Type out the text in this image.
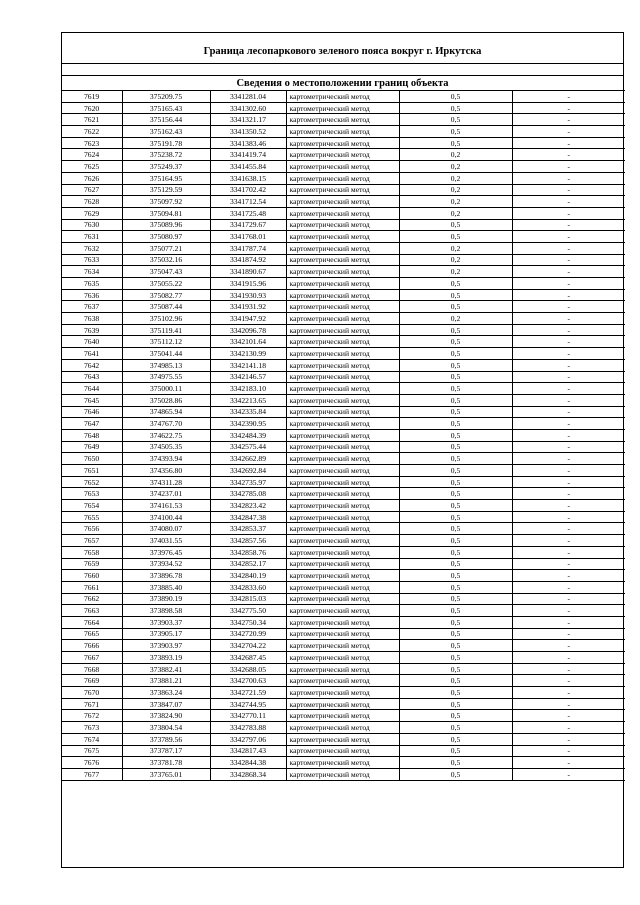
Граница лесопаркового зеленого пояса вокруг г. Иркутска
Сведения о местоположении границ объекта
7619	375209.75	3341281.04	картометрический метод	0,5	-
7620	375165.43	3341302.60	картометрический метод	0,5	-
7621	375156.44	3341321.17	картометрический метод	0,5	-
7622	375162.43	3341350.52	картометрический метод	0,5	-
7623	375191.78	3341383.46	картометрический метод	0,5	-
7624	375238.72	3341419.74	картометрический метод	0,2	-
7625	375249.37	3341455.84	картометрический метод	0,2	-
7626	375164.95	3341638.15	картометрический метод	0,2	-
7627	375129.59	3341702.42	картометрический метод	0,2	-
7628	375097.92	3341712.54	картометрический метод	0,2	-
7629	375094.81	3341725.48	картометрический метод	0,2	-
7630	375089.96	3341729.67	картометрический метод	0,5	-
7631	375080.97	3341768.01	картометрический метод	0,5	-
7632	375077.21	3341787.74	картометрический метод	0,2	-
7633	375032.16	3341874.92	картометрический метод	0,2	-
7634	375047.43	3341890.67	картометрический метод	0,2	-
7635	375055.22	3341915.96	картометрический метод	0,5	-
7636	375082.77	3341930.93	картометрический метод	0,5	-
7637	375087.44	3341931.92	картометрический метод	0,5	-
7638	375102.96	3341947.92	картометрический метод	0,2	-
7639	375119.41	3342096.78	картометрический метод	0,5	-
7640	375112.12	3342101.64	картометрический метод	0,5	-
7641	375041.44	3342130.99	картометрический метод	0,5	-
7642	374985.13	3342141.18	картометрический метод	0,5	-
7643	374975.55	3342146.57	картометрический метод	0,5	-
7644	375000.11	3342183.10	картометрический метод	0,5	-
7645	375028.86	3342213.65	картометрический метод	0,5	-
7646	374865.94	3342335.84	картометрический метод	0,5	-
7647	374767.70	3342390.95	картометрический метод	0,5	-
7648	374622.75	3342484.39	картометрический метод	0,5	-
7649	374505.35	3342575.44	картометрический метод	0,5	-
7650	374393.94	3342662.89	картометрический метод	0,5	-
7651	374356.80	3342692.84	картометрический метод	0,5	-
7652	374311.28	3342735.97	картометрический метод	0,5	-
7653	374237.01	3342785.08	картометрический метод	0,5	-
7654	374161.53	3342823.42	картометрический метод	0,5	-
7655	374100.44	3342847.38	картометрический метод	0,5	-
7656	374080.07	3342853.37	картометрический метод	0,5	-
7657	374031.55	3342857.56	картометрический метод	0,5	-
7658	373976.45	3342858.76	картометрический метод	0,5	-
7659	373934.52	3342852.17	картометрический метод	0,5	-
7660	373896.78	3342840.19	картометрический метод	0,5	-
7661	373885.40	3342833.60	картометрический метод	0,5	-
7662	373890.19	3342815.03	картометрический метод	0,5	-
7663	373898.58	3342775.50	картометрический метод	0,5	-
7664	373903.37	3342750.34	картометрический метод	0,5	-
7665	373905.17	3342720.99	картометрический метод	0,5	-
7666	373903.97	3342704.22	картометрический метод	0,5	-
7667	373893.19	3342687.45	картометрический метод	0,5	-
7668	373882.41	3342688.05	картометрический метод	0,5	-
7669	373881.21	3342700.63	картометрический метод	0,5	-
7670	373863.24	3342721.59	картометрический метод	0,5	-
7671	373847.07	3342744.95	картометрический метод	0,5	-
7672	373824.90	3342770.11	картометрический метод	0,5	-
7673	373804.54	3342783.88	картометрический метод	0,5	-
7674	373789.56	3342797.06	картометрический метод	0,5	-
7675	373787.17	3342817.43	картометрический метод	0,5	-
7676	373781.78	3342844.38	картометрический метод	0,5	-
7677	373765.01	3342868.34	картометрический метод	0,5	-
